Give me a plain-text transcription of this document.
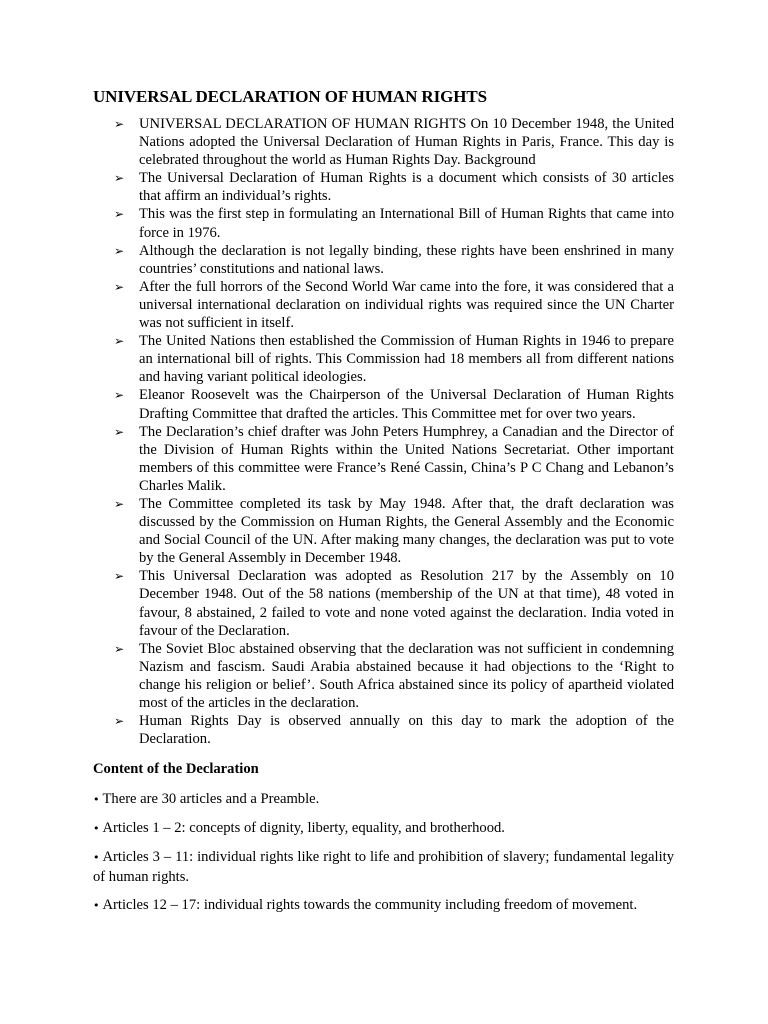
UNIVERSAL DECLARATION OF HUMAN RIGHTS
➢ UNIVERSAL DECLARATION OF HUMAN RIGHTS On 10 December 1948, the United Nations adopted the Universal Declaration of Human Rights in Paris, France. This day is celebrated throughout the world as Human Rights Day. Background
➢ The Universal Declaration of Human Rights is a document which consists of 30 articles that affirm an individual’s rights.
➢ This was the first step in formulating an International Bill of Human Rights that came into force in 1976.
➢ Although the declaration is not legally binding, these rights have been enshrined in many countries’ constitutions and national laws.
➢ After the full horrors of the Second World War came into the fore, it was considered that a universal international declaration on individual rights was required since the UN Charter was not sufficient in itself.
➢ The United Nations then established the Commission of Human Rights in 1946 to prepare an international bill of rights. This Commission had 18 members all from different nations and having variant political ideologies.
➢ Eleanor Roosevelt was the Chairperson of the Universal Declaration of Human Rights Drafting Committee that drafted the articles. This Committee met for over two years.
➢ The Declaration’s chief drafter was John Peters Humphrey, a Canadian and the Director of the Division of Human Rights within the United Nations Secretariat. Other important members of this committee were France’s René Cassin, China’s P C Chang and Lebanon’s Charles Malik.
➢ The Committee completed its task by May 1948. After that, the draft declaration was discussed by the Commission on Human Rights, the General Assembly and the Economic and Social Council of the UN. After making many changes, the declaration was put to vote by the General Assembly in December 1948.
➢ This Universal Declaration was adopted as Resolution 217 by the Assembly on 10 December 1948. Out of the 58 nations (membership of the UN at that time), 48 voted in favour, 8 abstained, 2 failed to vote and none voted against the declaration. India voted in favour of the Declaration.
➢ The Soviet Bloc abstained observing that the declaration was not sufficient in condemning Nazism and fascism. Saudi Arabia abstained because it had objections to the ‘Right to change his religion or belief’. South Africa abstained since its policy of apartheid violated most of the articles in the declaration.
➢ Human Rights Day is observed annually on this day to mark the adoption of the Declaration.
Content of the Declaration

• There are 30 articles and a Preamble.

• Articles 1 – 2: concepts of dignity, liberty, equality, and brotherhood.

• Articles 3 – 11: individual rights like right to life and prohibition of slavery; fundamental legality of human rights.

• Articles 12 – 17: individual rights towards the community including freedom of movement.
